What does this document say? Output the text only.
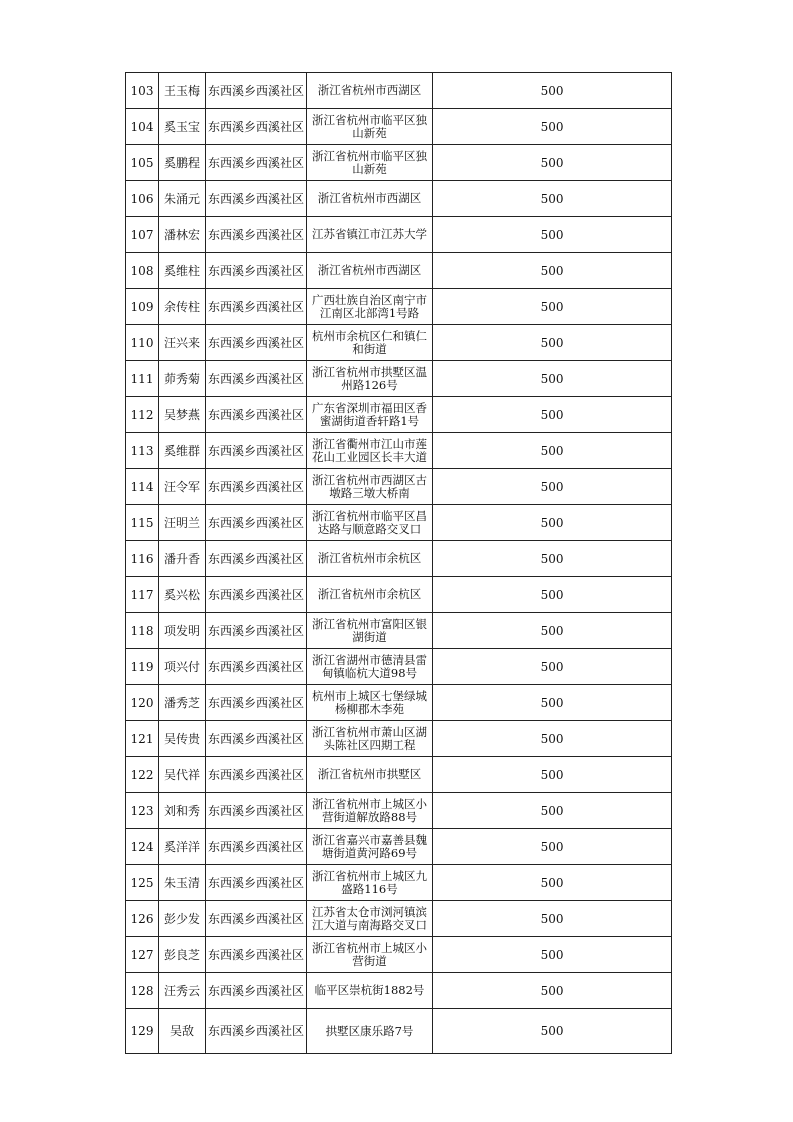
103	王玉梅	东西溪乡西溪社区	浙江省杭州市西湖区	500
104	奚玉宝	东西溪乡西溪社区	浙江省杭州市临平区独山新苑	500
105	奚鹏程	东西溪乡西溪社区	浙江省杭州市临平区独山新苑	500
106	朱涌元	东西溪乡西溪社区	浙江省杭州市西湖区	500
107	潘林宏	东西溪乡西溪社区	江苏省镇江市江苏大学	500
108	奚维柱	东西溪乡西溪社区	浙江省杭州市西湖区	500
109	余传柱	东西溪乡西溪社区	广西壮族自治区南宁市江南区北部湾1号路	500
110	汪兴来	东西溪乡西溪社区	杭州市余杭区仁和镇仁和街道	500
111	茆秀菊	东西溪乡西溪社区	浙江省杭州市拱墅区温州路126号	500
112	吴梦燕	东西溪乡西溪社区	广东省深圳市福田区香蜜湖街道香轩路1号	500
113	奚维群	东西溪乡西溪社区	浙江省衢州市江山市莲花山工业园区长丰大道	500
114	汪令军	东西溪乡西溪社区	浙江省杭州市西湖区古墩路三墩大桥南	500
115	汪明兰	东西溪乡西溪社区	浙江省杭州市临平区昌达路与顺意路交叉口	500
116	潘升香	东西溪乡西溪社区	浙江省杭州市余杭区	500
117	奚兴松	东西溪乡西溪社区	浙江省杭州市余杭区	500
118	项发明	东西溪乡西溪社区	浙江省杭州市富阳区银湖街道	500
119	项兴付	东西溪乡西溪社区	浙江省湖州市德清县雷甸镇临杭大道98号	500
120	潘秀芝	东西溪乡西溪社区	杭州市上城区七堡绿城杨柳郡木李苑	500
121	吴传贵	东西溪乡西溪社区	浙江省杭州市萧山区湖头陈社区四期工程	500
122	吴代祥	东西溪乡西溪社区	浙江省杭州市拱墅区	500
123	刘和秀	东西溪乡西溪社区	浙江省杭州市上城区小营街道解放路88号	500
124	奚洋洋	东西溪乡西溪社区	浙江省嘉兴市嘉善县魏塘街道黄河路69号	500
125	朱玉清	东西溪乡西溪社区	浙江省杭州市上城区九盛路116号	500
126	彭少发	东西溪乡西溪社区	江苏省太仓市浏河镇滨江大道与南海路交叉口	500
127	彭良芝	东西溪乡西溪社区	浙江省杭州市上城区小营街道	500
128	汪秀云	东西溪乡西溪社区	临平区崇杭街1882号	500
129	吴敌	东西溪乡西溪社区	拱墅区康乐路7号	500
